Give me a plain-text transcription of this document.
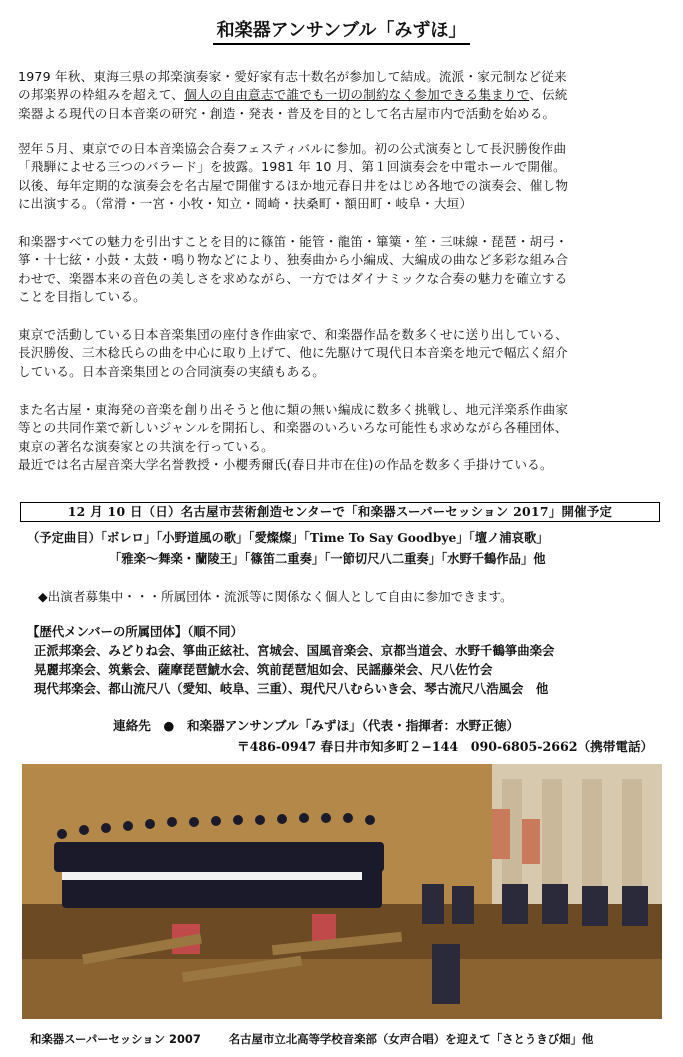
和楽器アンサンブル「みずほ」
1979 年秋、東海三県の邦楽演奏家・愛好家有志十数名が参加して結成。流派・家元制など従来
の邦楽界の枠組みを超えて、個人の自由意志で誰でも一切の制約なく参加できる集まりで、伝統
楽器よる現代の日本音楽の研究・創造・発表・普及を目的として名古屋市内で活動を始める。
翌年５月、東京での日本音楽協会合奏フェスティバルに参加。初の公式演奏として長沢勝俊作曲
「飛騨によせる三つのバラード」を披露。1981 年 10 月、第１回演奏会を中電ホールで開催。
以後、毎年定期的な演奏会を名古屋で開催するほか地元春日井をはじめ各地での演奏会、催し物
に出演する。（常滑・一宮・小牧・知立・岡崎・扶桑町・額田町・岐阜・大垣）
和楽器すべての魅力を引出すことを目的に篠笛・能管・龍笛・篳篥・笙・三味線・琵琶・胡弓・
箏・十七絃・小鼓・太鼓・鳴り物などにより、独奏曲から小編成、大編成の曲など多彩な組み合
わせで、楽器本来の音色の美しさを求めながら、一方ではダイナミックな合奏の魅力を確立する
ことを目指している。
東京で活動している日本音楽集団の座付き作曲家で、和楽器作品を数多くせに送り出している、
長沢勝俊、三木稔氏らの曲を中心に取り上げて、他に先駆けて現代日本音楽を地元で幅広く紹介
している。日本音楽集団との合同演奏の実績もある。
また名古屋・東海発の音楽を創り出そうと他に類の無い編成に数多く挑戦し、地元洋楽系作曲家
等との共同作業で新しいジャンルを開拓し、和楽器のいろいろな可能性も求めながら各種団体、
東京の著名な演奏家との共演を行っている。
最近では名古屋音楽大学名誉教授・小櫻秀爾氏(春日井市在住)の作品を数多く手掛けている。
12 月 10 日（日）名古屋市芸術創造センターで「和楽器スーパーセッション 2017」開催予定
（予定曲目）「ボレロ」「小野道風の歌」「愛燦燦」「Time To Say Goodbye」「壇ノ浦哀歌」
「雅楽～舞楽・蘭陵王」「篠笛二重奏」「一節切尺八二重奏」「水野千鶴作品」他
◆出演者募集中・・・所属団体・流派等に関係なく個人として自由に参加できます。
【歴代メンバーの所属団体】（順不同）

正派邦楽会、みどりね会、箏曲正絃社、宮城会、国風音楽会、京都当道会、水野千鶴箏曲楽会
晃麗邦楽会、筑紫会、薩摩琵琶鯱水会、筑前琵琶旭如会、民謡藤栄会、尺八佐竹会
現代邦楽会、都山流尺八（愛知、岐阜、三重）、現代尺八むらいき会、琴古流尺八浩風会　他
連絡先　●　和楽器アンサンブル「みずほ」（代表・指揮者：水野正徳）
〒486-0947 春日井市知多町２−144　090-6805-2662（携帯電話）
和楽器スーパーセッション 2007 名古屋市立北高等学校音楽部（女声合唱）を迎えて「さとうきび畑」他
